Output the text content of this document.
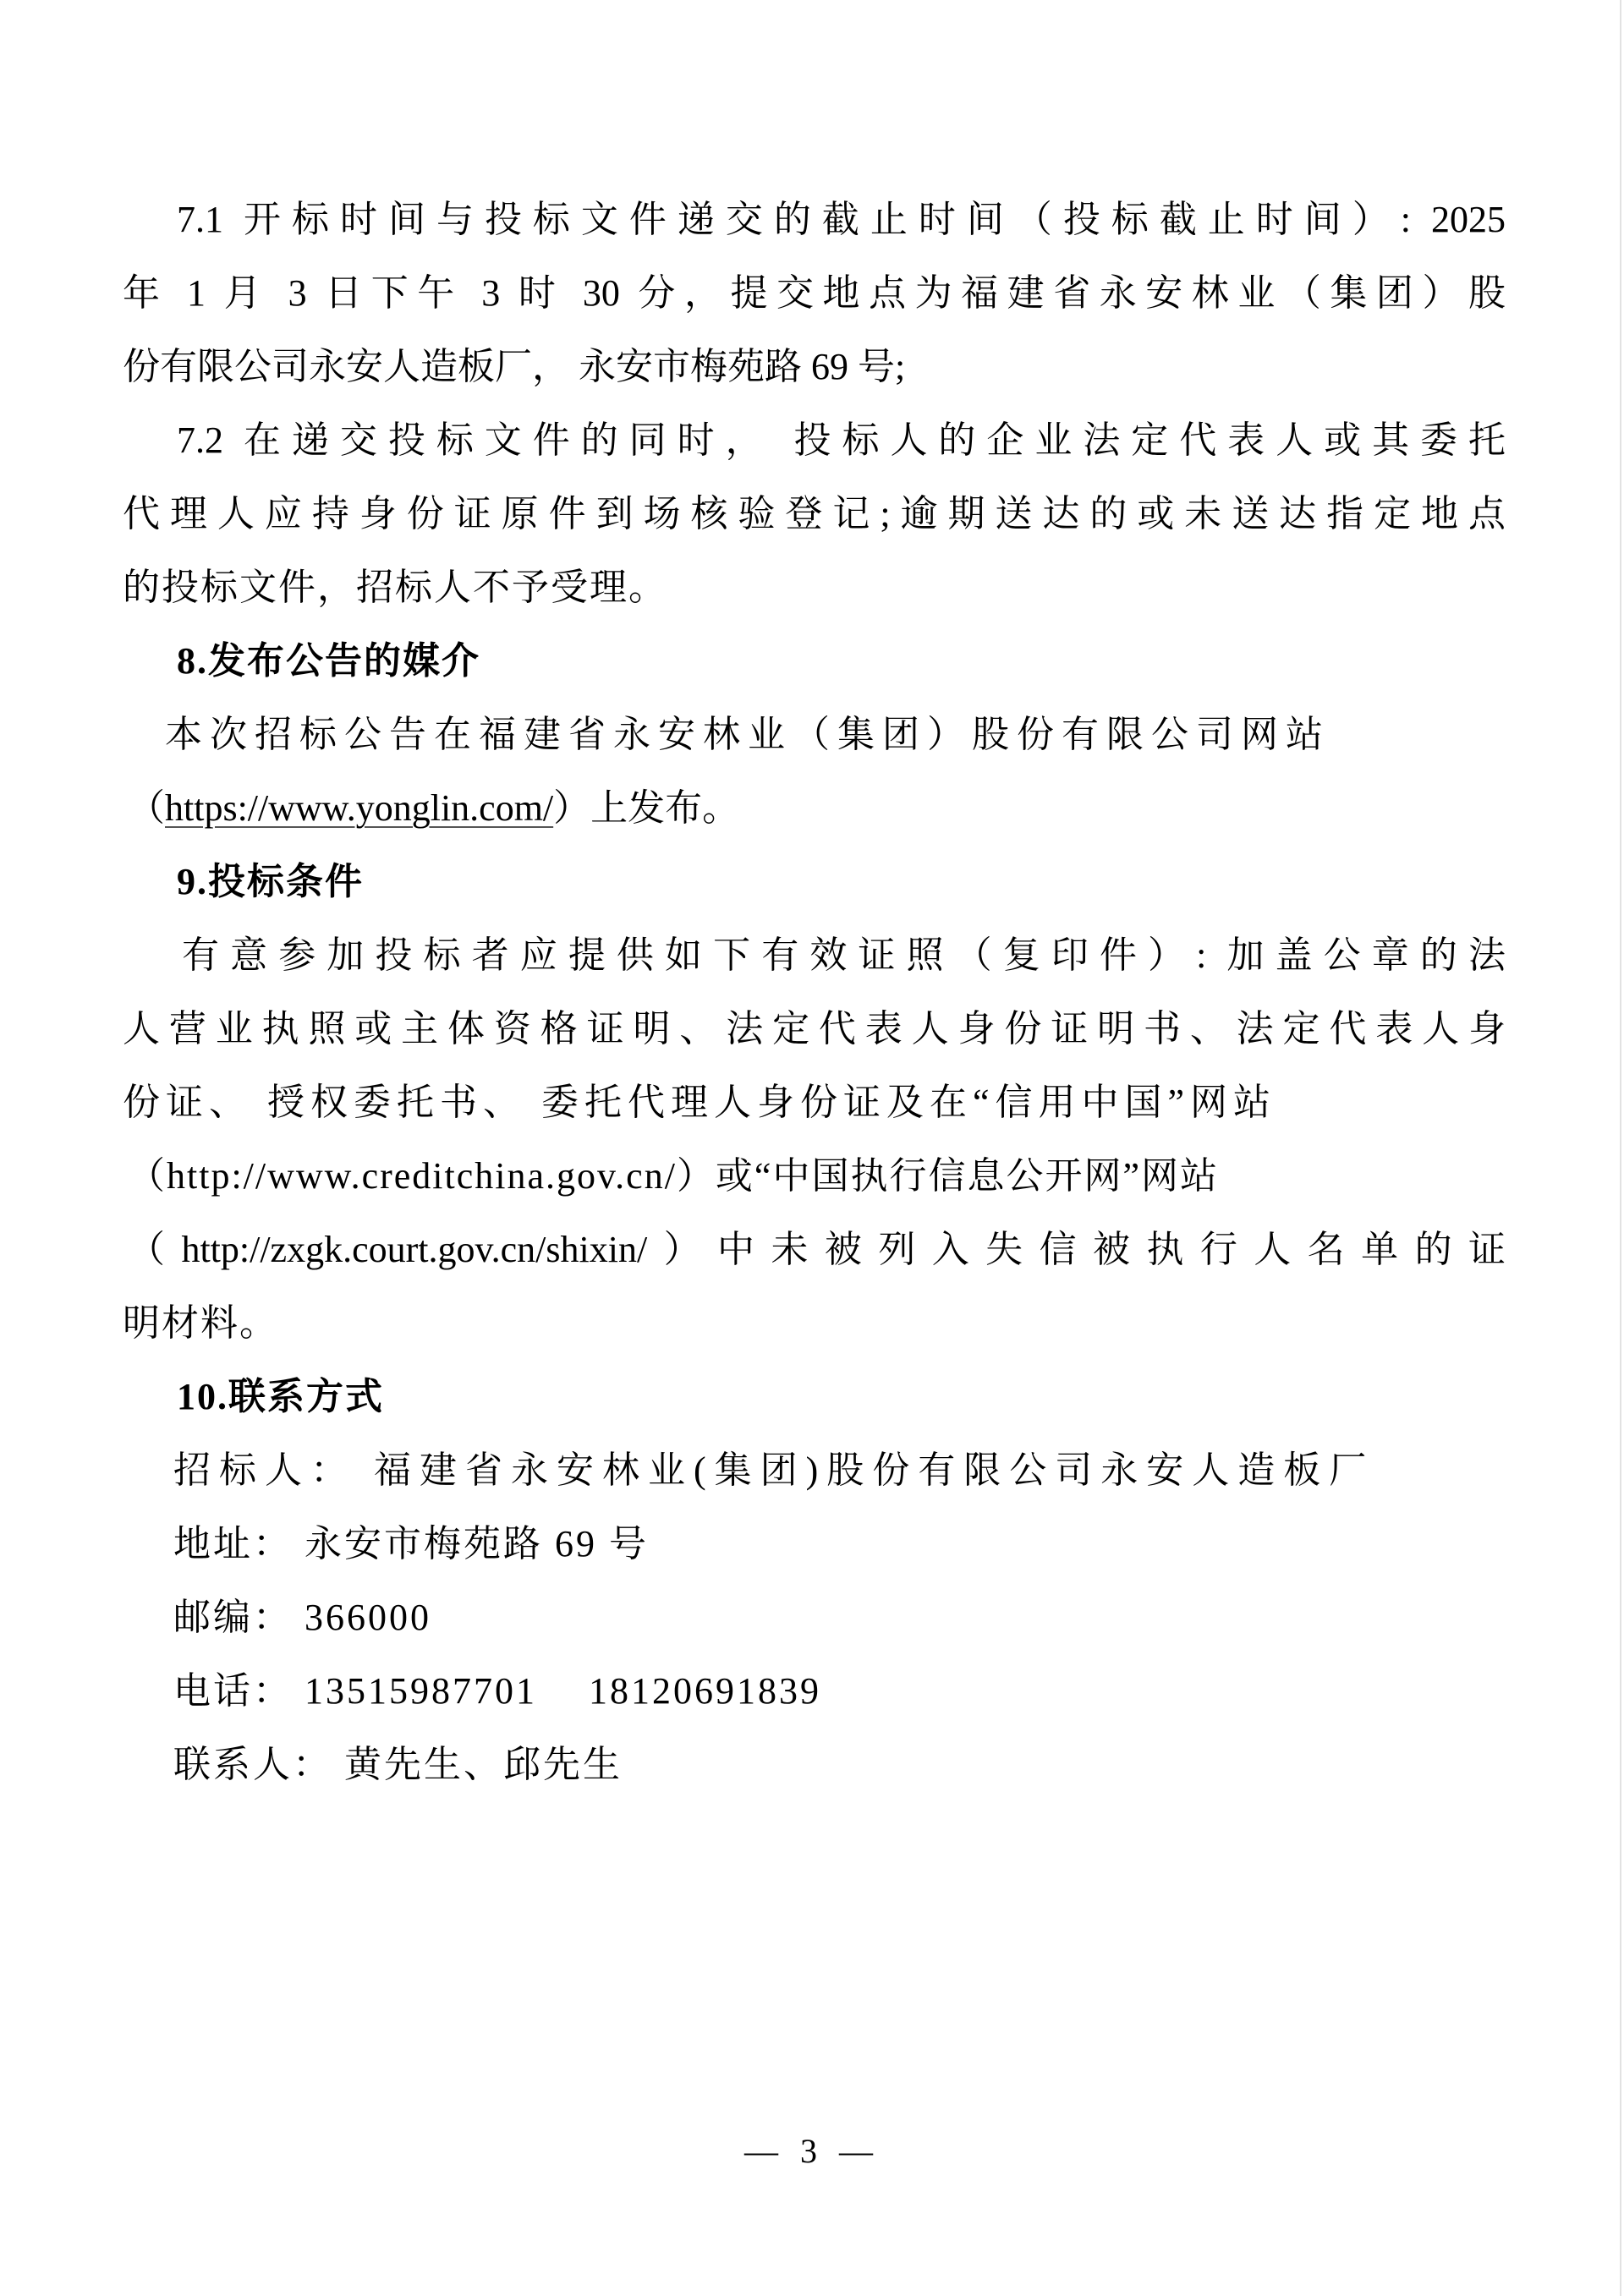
7.1 开标时间与投标文件递交的截止时间（投标截止时间）: 2025
年 1 月 3 日下午 3 时 30 分，提交地点为福建省永安林业（集团）股
份有限公司永安人造板厂， 永安市梅苑路 69 号;
7.2 在递交投标文件的同时， 投标人的企业法定代表人或其委托
代理人应持身份证原件到场核验登记;逾期送达的或未送达指定地点
的投标文件，招标人不予受理。
8.发布公告的媒介
本次招标公告在福建省永安林业（集团）股份有限公司网站
（https://www.yonglin.com/）上发布。
9.投标条件
有意参加投标者应提供如下有效证照（复印件）: 加盖公章的法
人营业执照或主体资格证明、法定代表人身份证明书、法定代表人身
份证、 授权委托书、 委托代理人身份证及在“信用中国”网站
（http://www.creditchina.gov.cn/）或“中国执行信息公开网”网站
（http://zxgk.court.gov.cn/shixin/）中未被列入失信被执行人名单的证
明材料。
10.联系方式
招标人： 福建省永安林业(集团)股份有限公司永安人造板厂
地址： 永安市梅苑路 69 号
邮编： 366000
电话： 13515987701　 18120691839
联系人： 黄先生、邱先生
— 3 —
